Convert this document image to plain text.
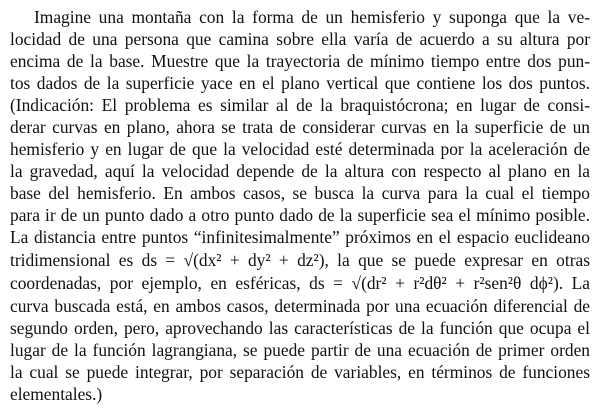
Imagine una montaña con la forma de un hemisferio y suponga que la ve-
locidad de una persona que camina sobre ella varía de acuerdo a su altura por
encima de la base. Muestre que la trayectoria de mínimo tiempo entre dos pun-
tos dados de la superficie yace en el plano vertical que contiene los dos puntos.
(Indicación: El problema es similar al de la braquistócrona; en lugar de consi-
derar curvas en plano, ahora se trata de considerar curvas en la superficie de un
hemisferio y en lugar de que la velocidad esté determinada por la aceleración de
la gravedad, aquí la velocidad depende de la altura con respecto al plano en la
base del hemisferio. En ambos casos, se busca la curva para la cual el tiempo
para ir de un punto dado a otro punto dado de la superficie sea el mínimo posible.
La distancia entre puntos “infinitesimalmente” próximos en el espacio euclideano
tridimensional es ds = √(dx² + dy² + dz²), la que se puede expresar en otras
coordenadas, por ejemplo, en esféricas, ds = √(dr² + r²dθ² + r²sen²θ dϕ²). La
curva buscada está, en ambos casos, determinada por una ecuación diferencial de
segundo orden, pero, aprovechando las características de la función que ocupa el
lugar de la función lagrangiana, se puede partir de una ecuación de primer orden
la cual se puede integrar, por separación de variables, en términos de funciones
elementales.)
